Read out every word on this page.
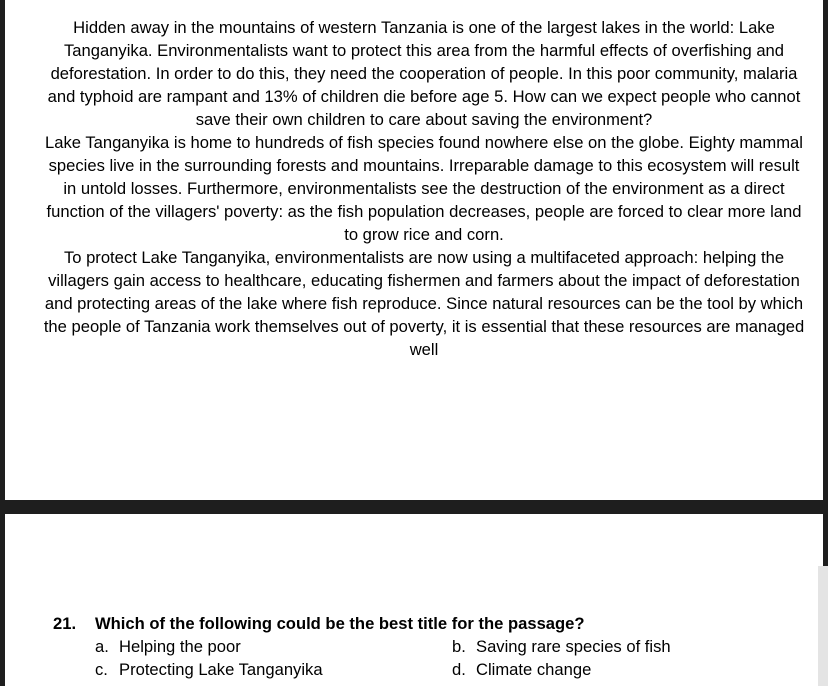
Hidden away in the mountains of western Tanzania is one of the largest lakes in the world: Lake Tanganyika. Environmentalists want to protect this area from the harmful effects of overfishing and deforestation. In order to do this, they need the cooperation of people. In this poor community, malaria and typhoid are rampant and 13% of children die before age 5. How can we expect people who cannot save their own children to care about saving the environment?

Lake Tanganyika is home to hundreds of fish species found nowhere else on the globe. Eighty mammal species live in the surrounding forests and mountains. Irreparable damage to this ecosystem will result in untold losses. Furthermore, environmentalists see the destruction of the environment as a direct function of the villagers' poverty: as the fish population decreases, people are forced to clear more land to grow rice and corn.

To protect Lake Tanganyika, environmentalists are now using a multifaceted approach: helping the villagers gain access to healthcare, educating fishermen and farmers about the impact of deforestation and protecting areas of the lake where fish reproduce. Since natural resources can be the tool by which the people of Tanzania work themselves out of poverty, it is essential that these resources are managed well

21.	Which of the following could be the best title for the passage?
a. Helping the poor	b. Saving rare species of fish
c. Protecting Lake Tanganyika	d. Climate change
